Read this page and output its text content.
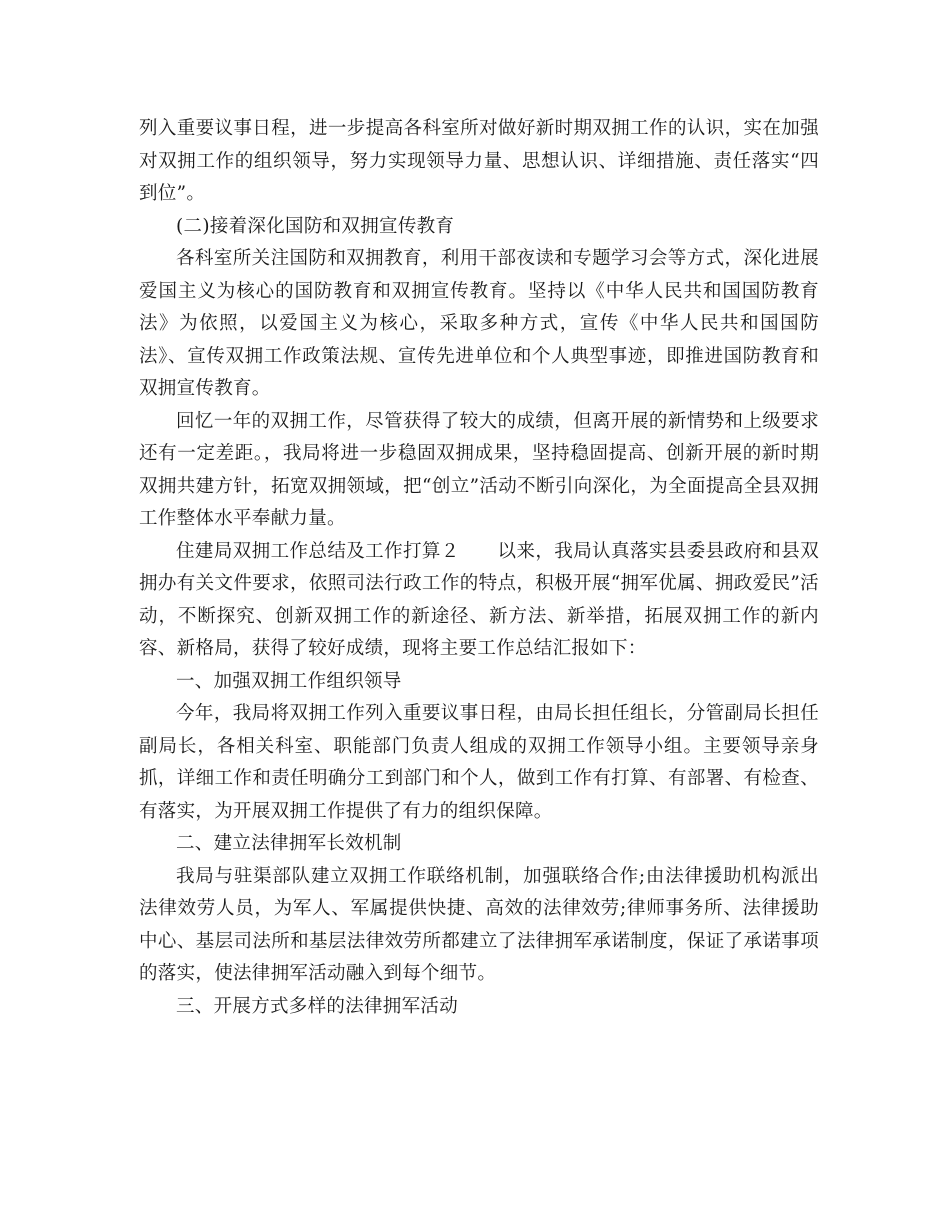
列入重要议事日程，进一步提高各科室所对做好新时期双拥工作的认识，实在加强对双拥工作的组织领导，努力实现领导力量、思想认识、详细措施、责任落实“四到位”。

(二)接着深化国防和双拥宣传教育

各科室所关注国防和双拥教育，利用干部夜读和专题学习会等方式，深化进展爱国主义为核心的国防教育和双拥宣传教育。坚持以《中华人民共和国国防教育法》为依照，以爱国主义为核心，采取多种方式，宣传《中华人民共和国国防法》、宣传双拥工作政策法规、宣传先进单位和个人典型事迹，即推进国防教育和双拥宣传教育。

回忆一年的双拥工作，尽管获得了较大的成绩，但离开展的新情势和上级要求还有一定差距。，我局将进一步稳固双拥成果，坚持稳固提高、创新开展的新时期双拥共建方针，拓宽双拥领域，把“创立”活动不断引向深化，为全面提高全县双拥工作整体水平奉献力量。

住建局双拥工作总结及工作打算２　　以来，我局认真落实县委县政府和县双拥办有关文件要求，依照司法行政工作的特点，积极开展“拥军优属、拥政爱民”活动，不断探究、创新双拥工作的新途径、新方法、新举措，拓展双拥工作的新内容、新格局，获得了较好成绩，现将主要工作总结汇报如下：

一、加强双拥工作组织领导

今年，我局将双拥工作列入重要议事日程，由局长担任组长，分管副局长担任副局长，各相关科室、职能部门负责人组成的双拥工作领导小组。主要领导亲身抓，详细工作和责任明确分工到部门和个人，做到工作有打算、有部署、有检查、有落实，为开展双拥工作提供了有力的组织保障。

二、建立法律拥军长效机制

我局与驻渠部队建立双拥工作联络机制，加强联络合作;由法律援助机构派出法律效劳人员，为军人、军属提供快捷、高效的法律效劳;律师事务所、法律援助中心、基层司法所和基层法律效劳所都建立了法律拥军承诺制度，保证了承诺事项的落实，使法律拥军活动融入到每个细节。

三、开展方式多样的法律拥军活动
